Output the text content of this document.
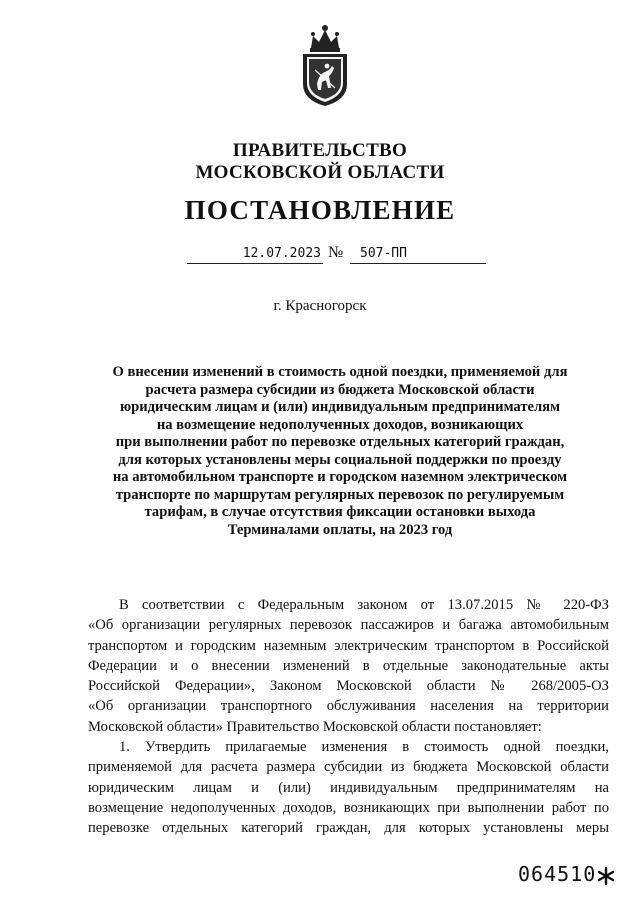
ПРАВИТЕЛЬСТВО
МОСКОВСКОЙ ОБЛАСТИ
ПОСТАНОВЛЕНИЕ
12.07.2023 №	507-ПП
г. Красногорск
О внесении изменений в стоимость одной поездки, применяемой для
расчета размера субсидии из бюджета Московской области
юридическим лицам и (или) индивидуальным предпринимателям
на возмещение недополученных доходов, возникающих
при выполнении работ по перевозке отдельных категорий граждан,
для которых установлены меры социальной поддержки по проезду
на автомобильном транспорте и городском наземном электрическом
транспорте по маршрутам регулярных перевозок по регулируемым
тарифам, в случае отсутствия фиксации остановки выхода
Терминалами оплаты, на 2023 год
В соответствии с Федеральным законом от 13.07.2015 № 220-ФЗ
«Об организации регулярных перевозок пассажиров и багажа автомобильным
транспортом и городским наземным электрическим транспортом в Российской
Федерации и о внесении изменений в отдельные законодательные акты
Российской Федерации», Законом Московской области № 268/2005-ОЗ
«Об организации транспортного обслуживания населения на территории
Московской области» Правительство Московской области постановляет:
1. Утвердить прилагаемые изменения в стоимость одной поездки,
применяемой для расчета размера субсидии из бюджета Московской области
юридическим лицам и (или) индивидуальным предпринимателям на
возмещение недополученных доходов, возникающих при выполнении работ по
перевозке отдельных категорий граждан, для которых установлены меры
064510
